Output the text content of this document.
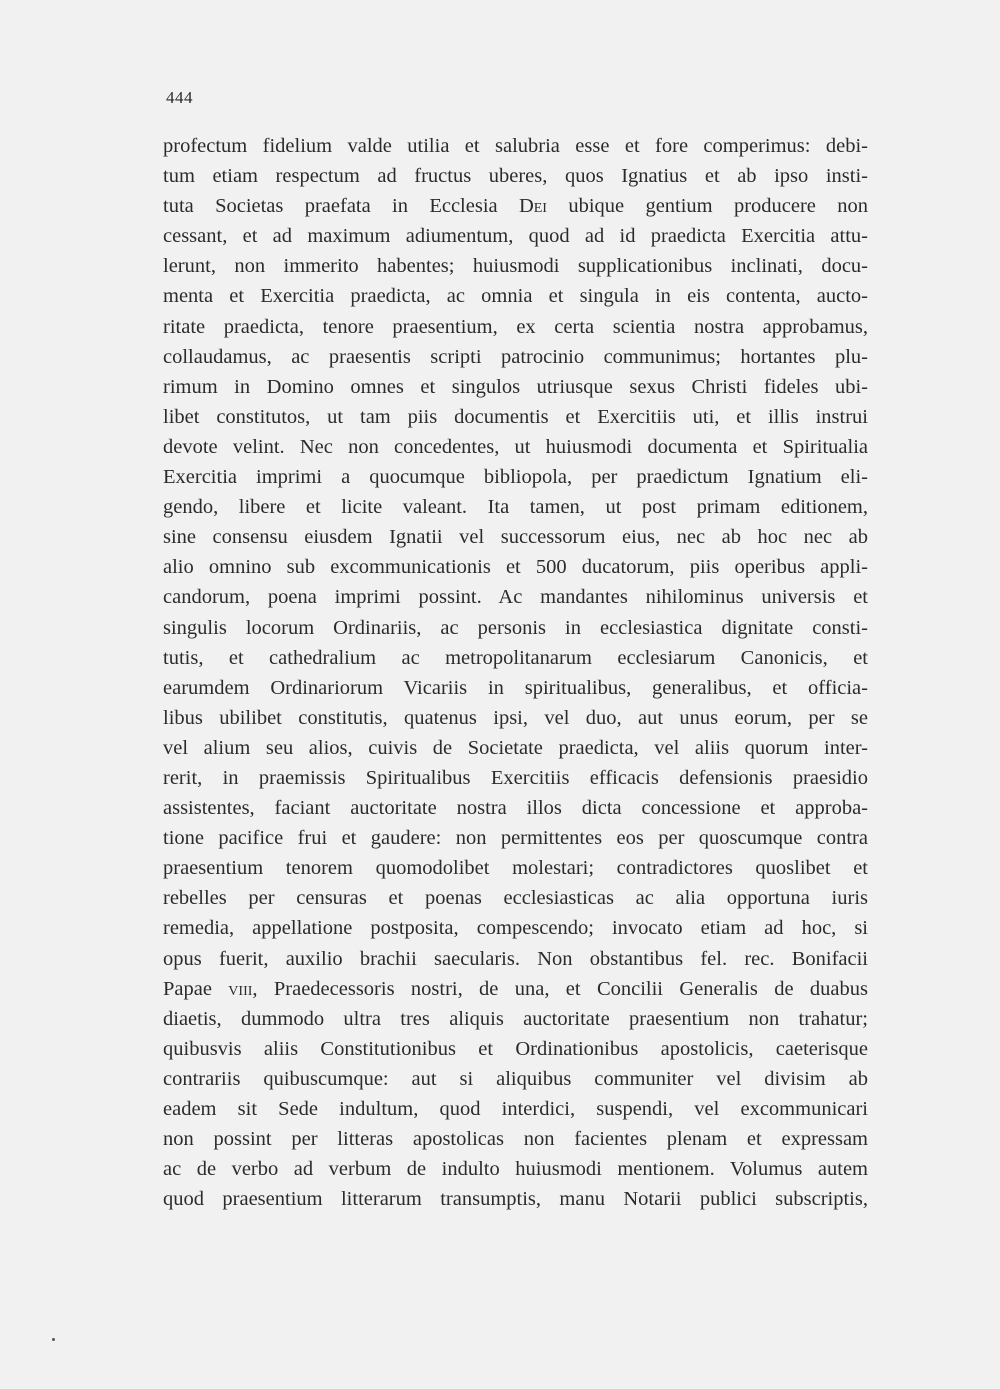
444
profectum fidelium valde utilia et salubria esse et fore comperimus: debi-
tum etiam respectum ad fructus uberes, quos Ignatius et ab ipso insti-
tuta Societas praefata in Ecclesia Dei ubique gentium producere non
cessant, et ad maximum adiumentum, quod ad id praedicta Exercitia attu-
lerunt, non immerito habentes; huiusmodi supplicationibus inclinati, docu-
menta et Exercitia praedicta, ac omnia et singula in eis contenta, aucto-
ritate praedicta, tenore praesentium, ex certa scientia nostra approbamus,
collaudamus, ac praesentis scripti patrocinio communimus; hortantes plu-
rimum in Domino omnes et singulos utriusque sexus Christi fideles ubi-
libet constitutos, ut tam piis documentis et Exercitiis uti, et illis instrui
devote velint. Nec non concedentes, ut huiusmodi documenta et Spiritualia
Exercitia imprimi a quocumque bibliopola, per praedictum Ignatium eli-
gendo, libere et licite valeant. Ita tamen, ut post primam editionem,
sine consensu eiusdem Ignatii vel successorum eius, nec ab hoc nec ab
alio omnino sub excommunicationis et 500 ducatorum, piis operibus appli-
candorum, poena imprimi possint. Ac mandantes nihilominus universis et
singulis locorum Ordinariis, ac personis in ecclesiastica dignitate consti-
tutis, et cathedralium ac metropolitanarum ecclesiarum Canonicis, et
earumdem Ordinariorum Vicariis in spiritualibus, generalibus, et officia-
libus ubilibet constitutis, quatenus ipsi, vel duo, aut unus eorum, per se
vel alium seu alios, cuivis de Societate praedicta, vel aliis quorum inter-
rerit, in praemissis Spiritualibus Exercitiis efficacis defensionis praesidio
assistentes, faciant auctoritate nostra illos dicta concessione et approba-
tione pacifice frui et gaudere: non permittentes eos per quoscumque contra
praesentium tenorem quomodolibet molestari; contradictores quoslibet et
rebelles per censuras et poenas ecclesiasticas ac alia opportuna iuris
remedia, appellatione postposita, compescendo; invocato etiam ad hoc, si
opus fuerit, auxilio brachii saecularis. Non obstantibus fel. rec. Bonifacii
Papae viii, Praedecessoris nostri, de una, et Concilii Generalis de duabus
diaetis, dummodo ultra tres aliquis auctoritate praesentium non trahatur;
quibusvis aliis Constitutionibus et Ordinationibus apostolicis, caeterisque
contrariis quibuscumque: aut si aliquibus communiter vel divisim ab
eadem sit Sede indultum, quod interdici, suspendi, vel excommunicari
non possint per litteras apostolicas non facientes plenam et expressam
ac de verbo ad verbum de indulto huiusmodi mentionem. Volumus autem
quod praesentium litterarum transumptis, manu Notarii publici subscriptis,
